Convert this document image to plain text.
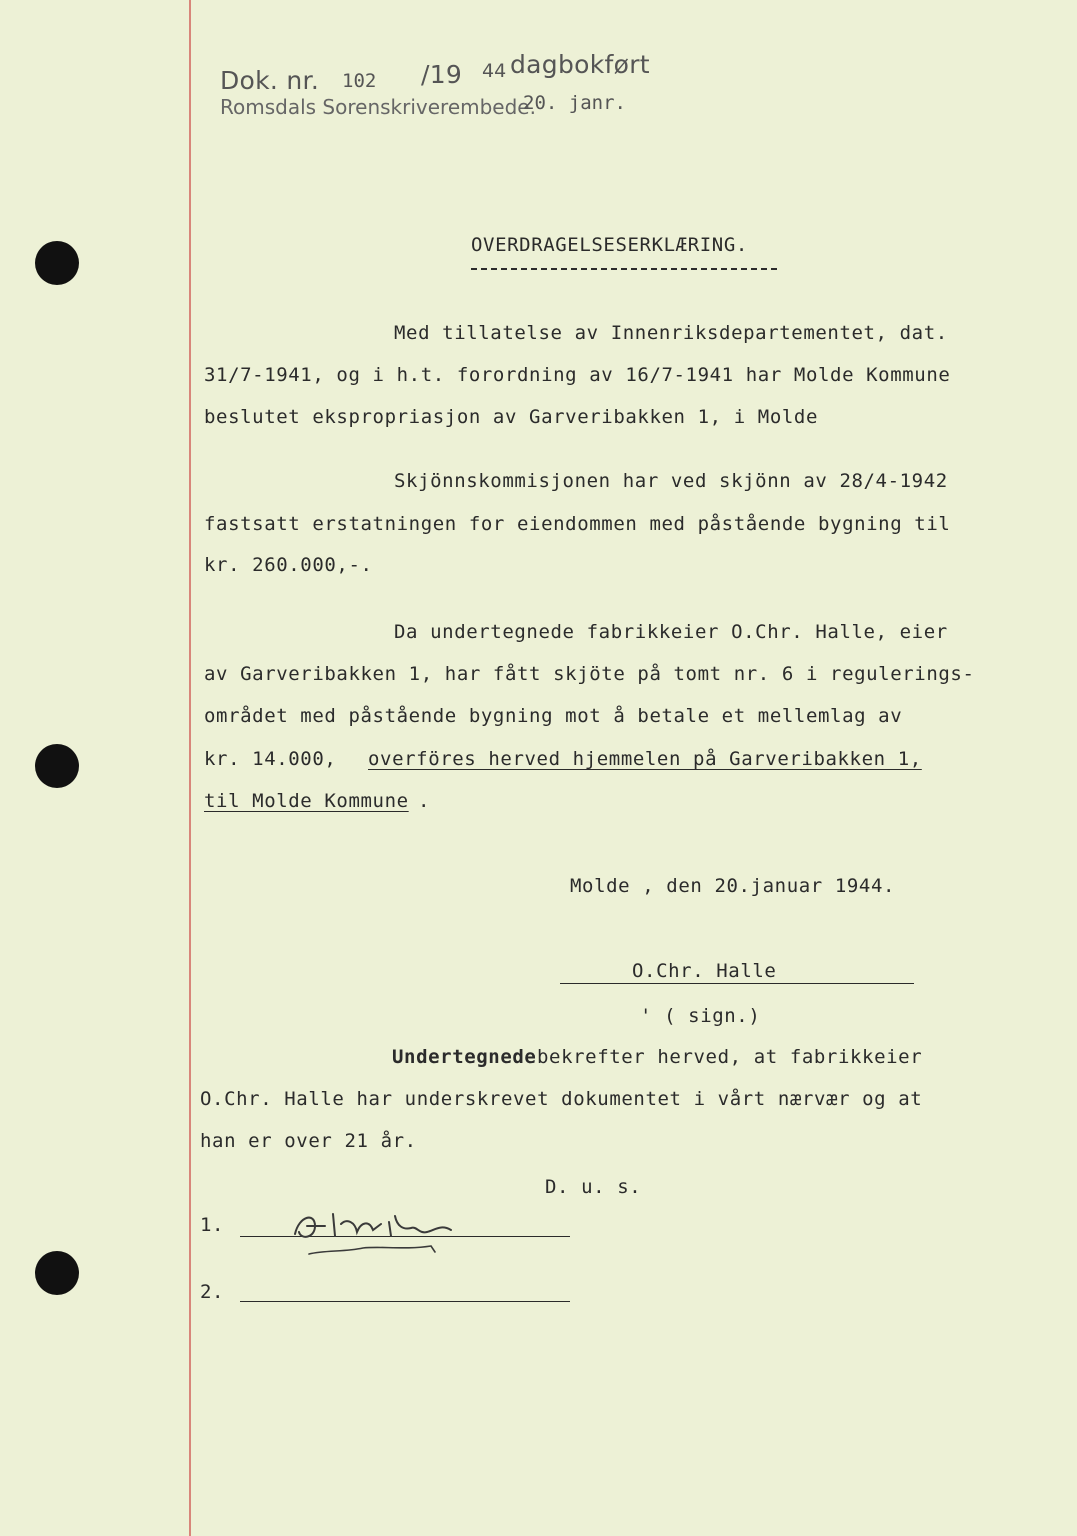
Dok. nr. 102 /19 44 dagbokført
Romsdals Sorenskriverembede.
20. janr.
OVERDRAGELSESERKLÆRING.
Med tillatelse av Innenriksdepartementet, dat.
31/7-1941, og i h.t. forordning av 16/7-1941 har Molde Kommune
beslutet ekspropriasjon av Garveribakken 1, i Molde
Skjönnskommisjonen har ved skjönn av 28/4-1942
fastsatt erstatningen for eiendommen med påstående bygning til
kr. 260.000,-.
Da undertegnede fabrikkeier O.Chr. Halle, eier
av Garveribakken 1, har fått skjöte på tomt nr. 6 i regulerings-
området med påstående bygning mot å betale et mellemlag av
kr. 14.000, overföres herved hjemmelen på Garveribakken 1,
til Molde Kommune .
Molde , den 20.januar 1944.
O.Chr. Halle
' ( sign.)
Undertegnede bekrefter herved, at fabrikkeier
O.Chr. Halle har underskrevet dokumentet i vårt nærvær og at
han er over 21 år.
D. u. s.
1.
2.
